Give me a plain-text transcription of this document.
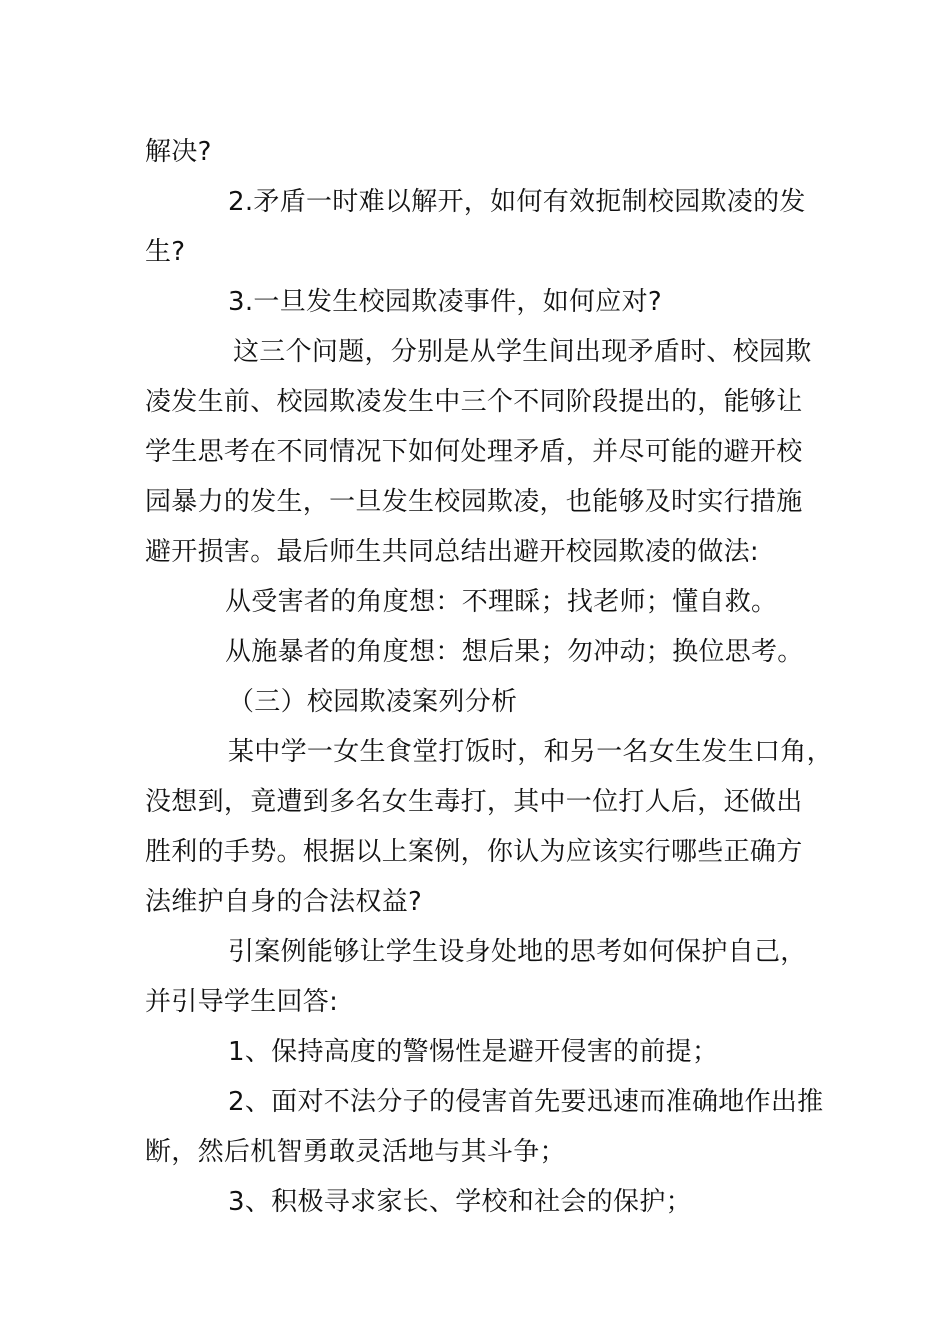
解决?
2.矛盾一时难以解开，如何有效扼制校园欺凌的发
生?
3.一旦发生校园欺凌事件，如何应对?
这三个问题，分别是从学生间出现矛盾时、校园欺
凌发生前、校园欺凌发生中三个不同阶段提出的，能够让
学生思考在不同情况下如何处理矛盾，并尽可能的避开校
园暴力的发生，一旦发生校园欺凌，也能够及时实行措施
避开损害。最后师生共同总结出避开校园欺凌的做法:
从受害者的角度想：不理睬；找老师；懂自救。
从施暴者的角度想：想后果；勿冲动；换位思考。
（三）校园欺凌案列分析
某中学一女生食堂打饭时，和另一名女生发生口角，
没想到，竟遭到多名女生毒打，其中一位打人后，还做出
胜利的手势。根据以上案例，你认为应该实行哪些正确方
法维护自身的合法权益?
引案例能够让学生设身处地的思考如何保护自己，
并引导学生回答:
1、保持高度的警惕性是避开侵害的前提；
2、面对不法分子的侵害首先要迅速而准确地作出推
断，然后机智勇敢灵活地与其斗争；
3、积极寻求家长、学校和社会的保护；
